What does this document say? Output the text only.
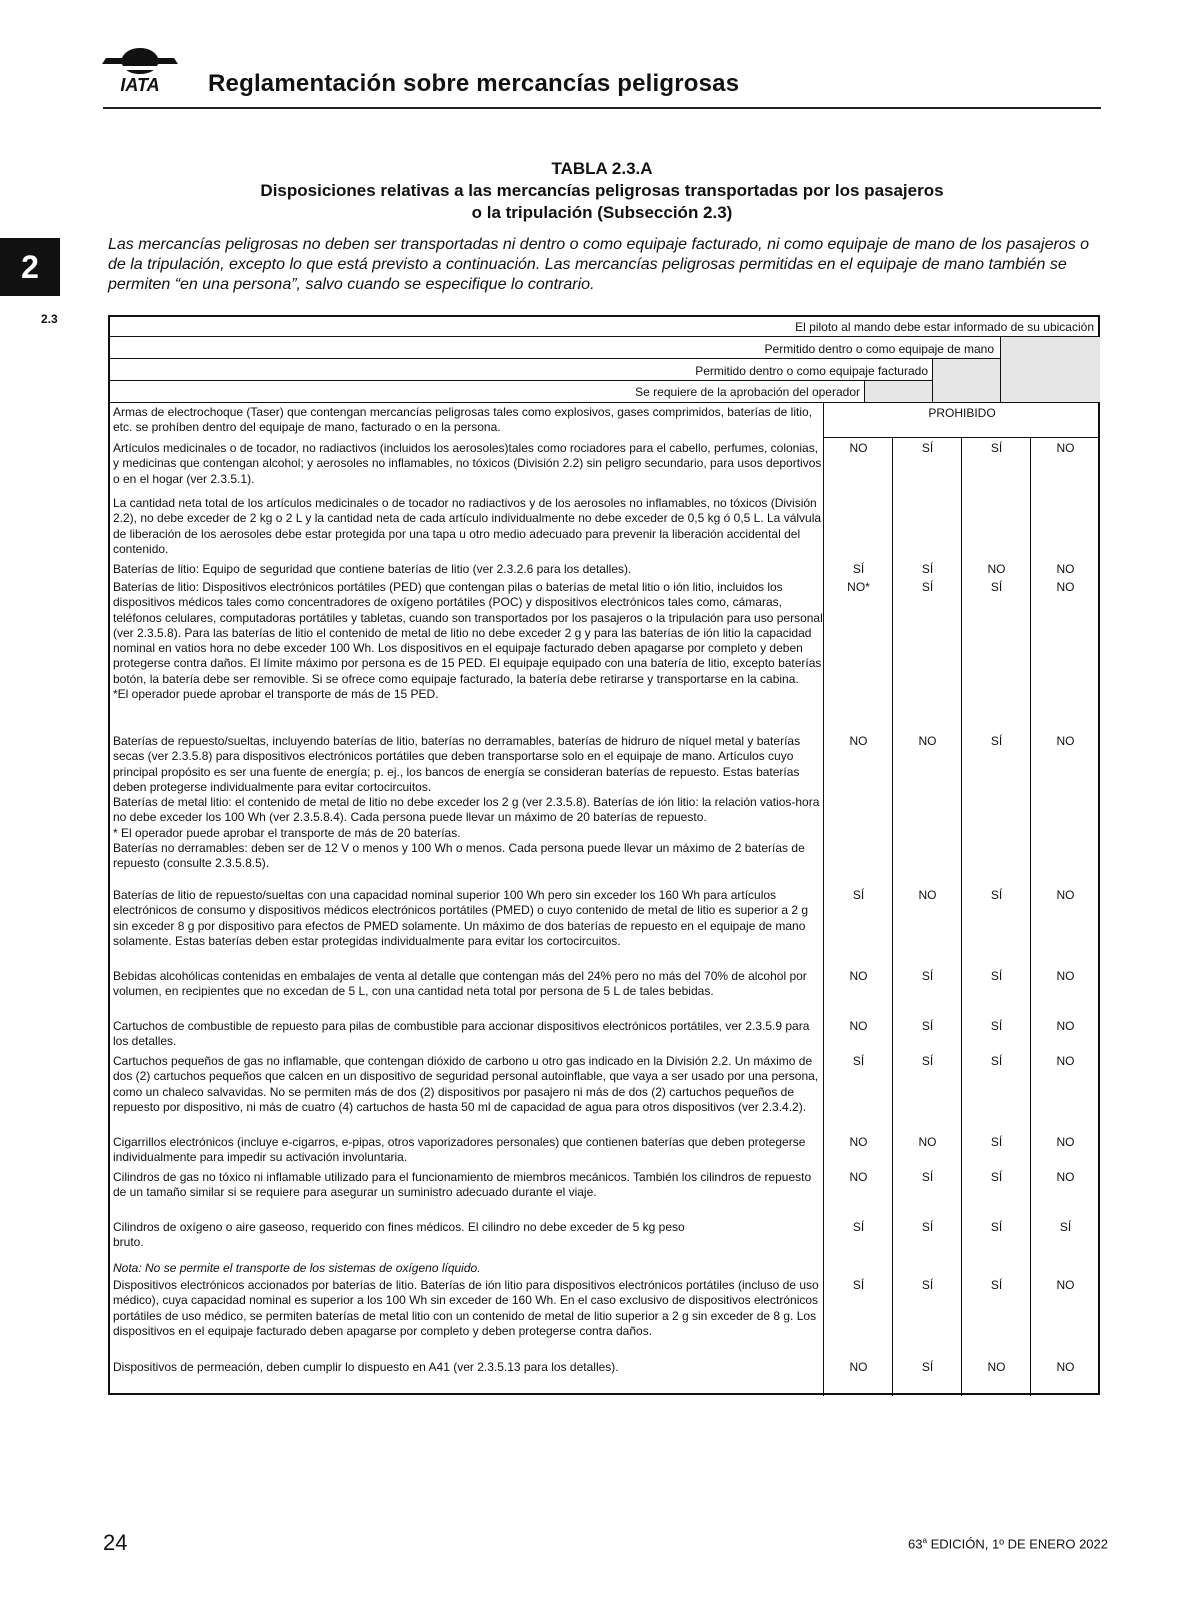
IATA Reglamentación sobre mercancías peligrosas
2
2.3
TABLA 2.3.A
Disposiciones relativas a las mercancías peligrosas transportadas por los pasajeros
o la tripulación (Subsección 2.3)
Las mercancías peligrosas no deben ser transportadas ni dentro o como equipaje facturado, ni como equipaje de mano de los pasajeros o de la tripulación, excepto lo que está previsto a continuación. Las mercancías peligrosas permitidas en el equipaje de mano también se permiten “en una persona”, salvo cuando se especifique lo contrario.
El piloto al mando debe estar informado de su ubicación
Permitido dentro o como equipaje de mano
Permitido dentro o como equipaje facturado
Se requiere de la aprobación del operador
Armas de electrochoque (Taser) que contengan mercancías peligrosas tales como explosivos, gases comprimidos, baterías de litio, etc. se prohíben dentro del equipaje de mano, facturado o en la persona.
PROHIBIDO
Artículos medicinales o de tocador, no radiactivos (incluidos los aerosoles)tales como rociadores para el cabello, perfumes, colonias, y medicinas que contengan alcohol; y aerosoles no inflamables, no tóxicos (División 2.2) sin peligro secundario, para usos deportivos o en el hogar (ver 2.3.5.1).
NO	SÍ	SÍ	NO
La cantidad neta total de los artículos medicinales o de tocador no radiactivos y de los aerosoles no inflamables, no tóxicos (División 2.2), no debe exceder de 2 kg o 2 L y la cantidad neta de cada artículo individualmente no debe exceder de 0,5 kg ó 0,5 L. La válvula de liberación de los aerosoles debe estar protegida por una tapa u otro medio adecuado para prevenir la liberación accidental del contenido.
Baterías de litio: Equipo de seguridad que contiene baterías de litio (ver 2.3.2.6 para los detalles).	SÍ	SÍ	NO	NO
Baterías de litio: Dispositivos electrónicos portátiles (PED) que contengan pilas o baterías de metal litio o ión litio, incluidos los dispositivos médicos tales como concentradores de oxígeno portátiles (POC) y dispositivos electrónicos tales como, cámaras, teléfonos celulares, computadoras portátiles y tabletas, cuando son transportados por los pasajeros o la tripulación para uso personal (ver 2.3.5.8). Para las baterías de litio el contenido de metal de litio no debe exceder 2 g y para las baterías de ión litio la capacidad nominal en vatios hora no debe exceder 100 Wh. Los dispositivos en el equipaje facturado deben apagarse por completo y deben protegerse contra daños. El límite máximo por persona es de 15 PED. El equipaje equipado con una batería de litio, excepto baterías botón, la batería debe ser removible. Si se ofrece como equipaje facturado, la batería debe retirarse y transportarse en la cabina.
*El operador puede aprobar el transporte de más de 15 PED.
NO*	SÍ	SÍ	NO
Baterías de repuesto/sueltas, incluyendo baterías de litio, baterías no derramables, baterías de hidruro de níquel metal y baterías secas (ver 2.3.5.8) para dispositivos electrónicos portátiles que deben transportarse solo en el equipaje de mano. Artículos cuyo principal propósito es ser una fuente de energía; p. ej., los bancos de energía se consideran baterías de repuesto. Estas baterías deben protegerse individualmente para evitar cortocircuitos.
Baterías de metal litio: el contenido de metal de litio no debe exceder los 2 g (ver 2.3.5.8). Baterías de ión litio: la relación vatios-hora no debe exceder los 100 Wh (ver 2.3.5.8.4). Cada persona puede llevar un máximo de 20 baterías de repuesto.
* El operador puede aprobar el transporte de más de 20 baterías.
Baterías no derramables: deben ser de 12 V o menos y 100 Wh o menos. Cada persona puede llevar un máximo de 2 baterías de repuesto (consulte 2.3.5.8.5).
NO	NO	SÍ	NO
Baterías de litio de repuesto/sueltas con una capacidad nominal superior 100 Wh pero sin exceder los 160 Wh para artículos electrónicos de consumo y dispositivos médicos electrónicos portátiles (PMED) o cuyo contenido de metal de litio es superior a 2 g sin exceder 8 g por dispositivo para efectos de PMED solamente. Un máximo de dos baterías de repuesto en el equipaje de mano solamente. Estas baterías deben estar protegidas individualmente para evitar los cortocircuitos.
SÍ	NO	SÍ	NO
Bebidas alcohólicas contenidas en embalajes de venta al detalle que contengan más del 24% pero no más del 70% de alcohol por volumen, en recipientes que no excedan de 5 L, con una cantidad neta total por persona de 5 L de tales bebidas.
NO	SÍ	SÍ	NO
Cartuchos de combustible de repuesto para pilas de combustible para accionar dispositivos electrónicos portátiles, ver 2.3.5.9 para los detalles.
NO	SÍ	SÍ	NO
Cartuchos pequeños de gas no inflamable, que contengan dióxido de carbono u otro gas indicado en la División 2.2. Un máximo de dos (2) cartuchos pequeños que calcen en un dispositivo de seguridad personal autoinflable, que vaya a ser usado por una persona, como un chaleco salvavidas. No se permiten más de dos (2) dispositivos por pasajero ni más de dos (2) cartuchos pequeños de repuesto por dispositivo, ni más de cuatro (4) cartuchos de hasta 50 ml de capacidad de agua para otros dispositivos (ver 2.3.4.2).
SÍ	SÍ	SÍ	NO
Cigarrillos electrónicos (incluye e-cigarros, e-pipas, otros vaporizadores personales) que contienen baterías que deben protegerse individualmente para impedir su activación involuntaria.
NO	NO	SÍ	NO
Cilindros de gas no tóxico ni inflamable utilizado para el funcionamiento de miembros mecánicos. También los cilindros de repuesto de un tamaño similar si se requiere para asegurar un suministro adecuado durante el viaje.
NO	SÍ	SÍ	NO
Cilindros de oxígeno o aire gaseoso, requerido con fines médicos. El cilindro no debe exceder de 5 kg peso bruto.
Nota: No se permite el transporte de los sistemas de oxígeno líquido.
SÍ	SÍ	SÍ	SÍ
Dispositivos electrónicos accionados por baterías de litio. Baterías de ión litio para dispositivos electrónicos portátiles (incluso de uso médico), cuya capacidad nominal es superior a los 100 Wh sin exceder de 160 Wh. En el caso exclusivo de dispositivos electrónicos portátiles de uso médico, se permiten baterías de metal litio con un contenido de metal de litio superior a 2 g sin exceder de 8 g. Los dispositivos en el equipaje facturado deben apagarse por completo y deben protegerse contra daños.
SÍ	SÍ	SÍ	NO
Dispositivos de permeación, deben cumplir lo dispuesto en A41 (ver 2.3.5.13 para los detalles).	NO	SÍ	NO	NO
24	63$^a$ EDICIÓN, 1º DE ENERO 2022
